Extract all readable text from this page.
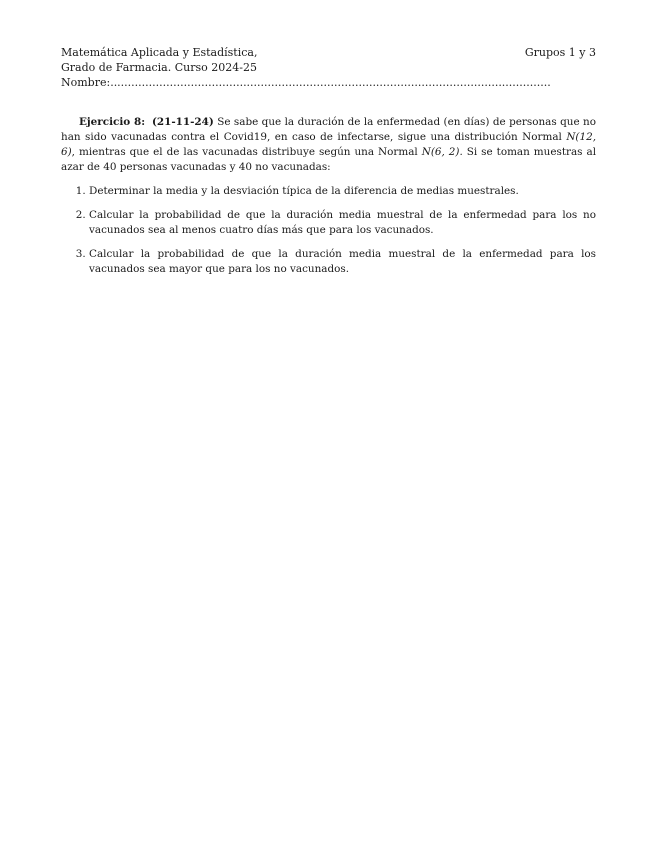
Matemática Aplicada y Estadística,
Grado de Farmacia. Curso 2024-25
Nombre:..............................................................................................................................
Grupos 1 y 3

Ejercicio 8: (21-11-24) Se sabe que la duración de la enfermedad (en días) de personas que no han sido vacunadas contra el Covid19, en caso de infectarse, sigue una distribución Normal N(12, 6), mientras que el de las vacunadas distribuye según una Normal N(6, 2). Si se toman muestras al azar de 40 personas vacunadas y 40 no vacunadas:

1. Determinar la media y la desviación típica de la diferencia de medias muestrales.
2. Calcular la probabilidad de que la duración media muestral de la enfermedad para los no vacunados sea al menos cuatro días más que para los vacunados.
3. Calcular la probabilidad de que la duración media muestral de la enfermedad para los vacunados sea mayor que para los no vacunados.
